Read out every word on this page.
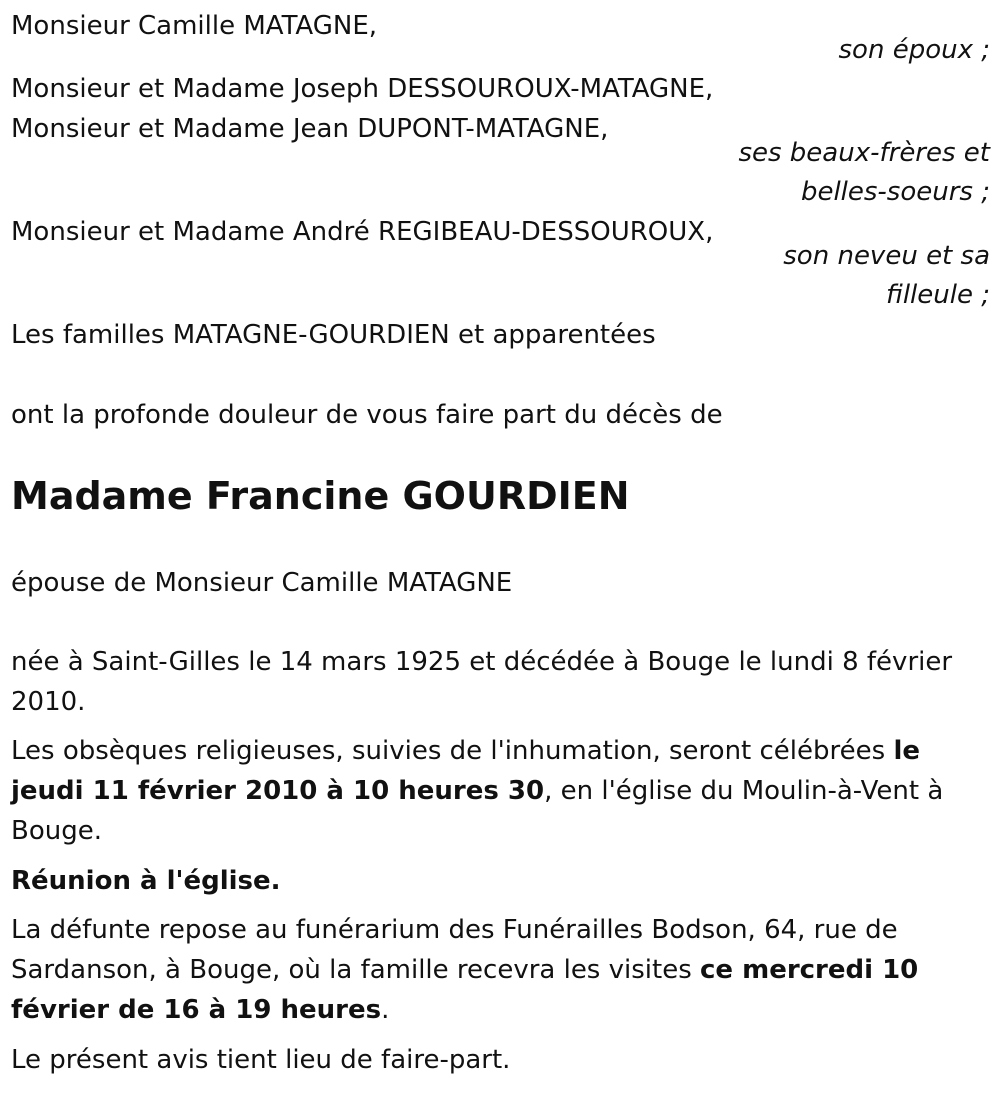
Monsieur Camille MATAGNE,
son époux ;
Monsieur et Madame Joseph DESSOUROUX-MATAGNE,
Monsieur et Madame Jean DUPONT-MATAGNE,
ses beaux-frères et
belles-soeurs ;
Monsieur et Madame André REGIBEAU-DESSOUROUX,
son neveu et sa
filleule ;
Les familles MATAGNE-GOURDIEN et apparentées
ont la profonde douleur de vous faire part du décès de
Madame Francine GOURDIEN
épouse de Monsieur Camille MATAGNE
née à Saint-Gilles le 14 mars 1925 et décédée à Bouge le lundi 8 février
2010.
Les obsèques religieuses, suivies de l'inhumation, seront célébrées le
jeudi 11 février 2010 à 10 heures 30, en l'église du Moulin-à-Vent à
Bouge.
Réunion à l'église.
La défunte repose au funérarium des Funérailles Bodson, 64, rue de
Sardanson, à Bouge, où la famille recevra les visites ce mercredi 10
février de 16 à 19 heures.
Le présent avis tient lieu de faire-part.
